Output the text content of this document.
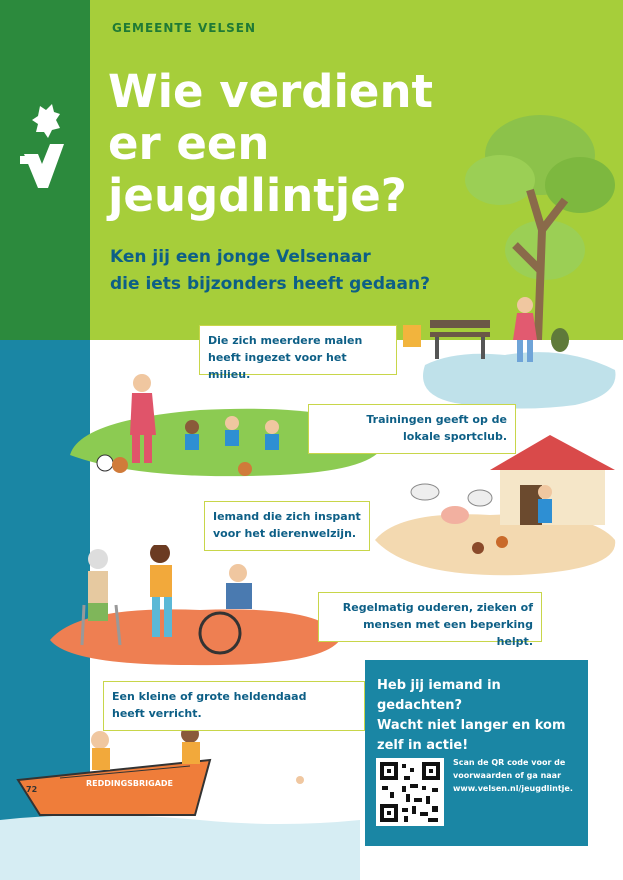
GEMEENTE VELSEN
Wie verdient
er een
jeugdlintje?
Ken jij een jonge Velsenaar
die iets bijzonders heeft gedaan?
REDDINGSBRIGADE
72
Die zich meerdere malen
heeft ingezet voor het milieu.
Trainingen geeft op de
lokale sportclub.
Iemand die zich inspant
voor het dierenwelzijn.
Regelmatig ouderen, zieken of
mensen met een beperking helpt.
Een kleine of grote heldendaad
heeft verricht.
Heb jij iemand in gedachten?
Wacht niet langer en kom
zelf in actie!
Scan de QR code voor de
voorwaarden of ga naar
www.velsen.nl/jeugdlintje.
